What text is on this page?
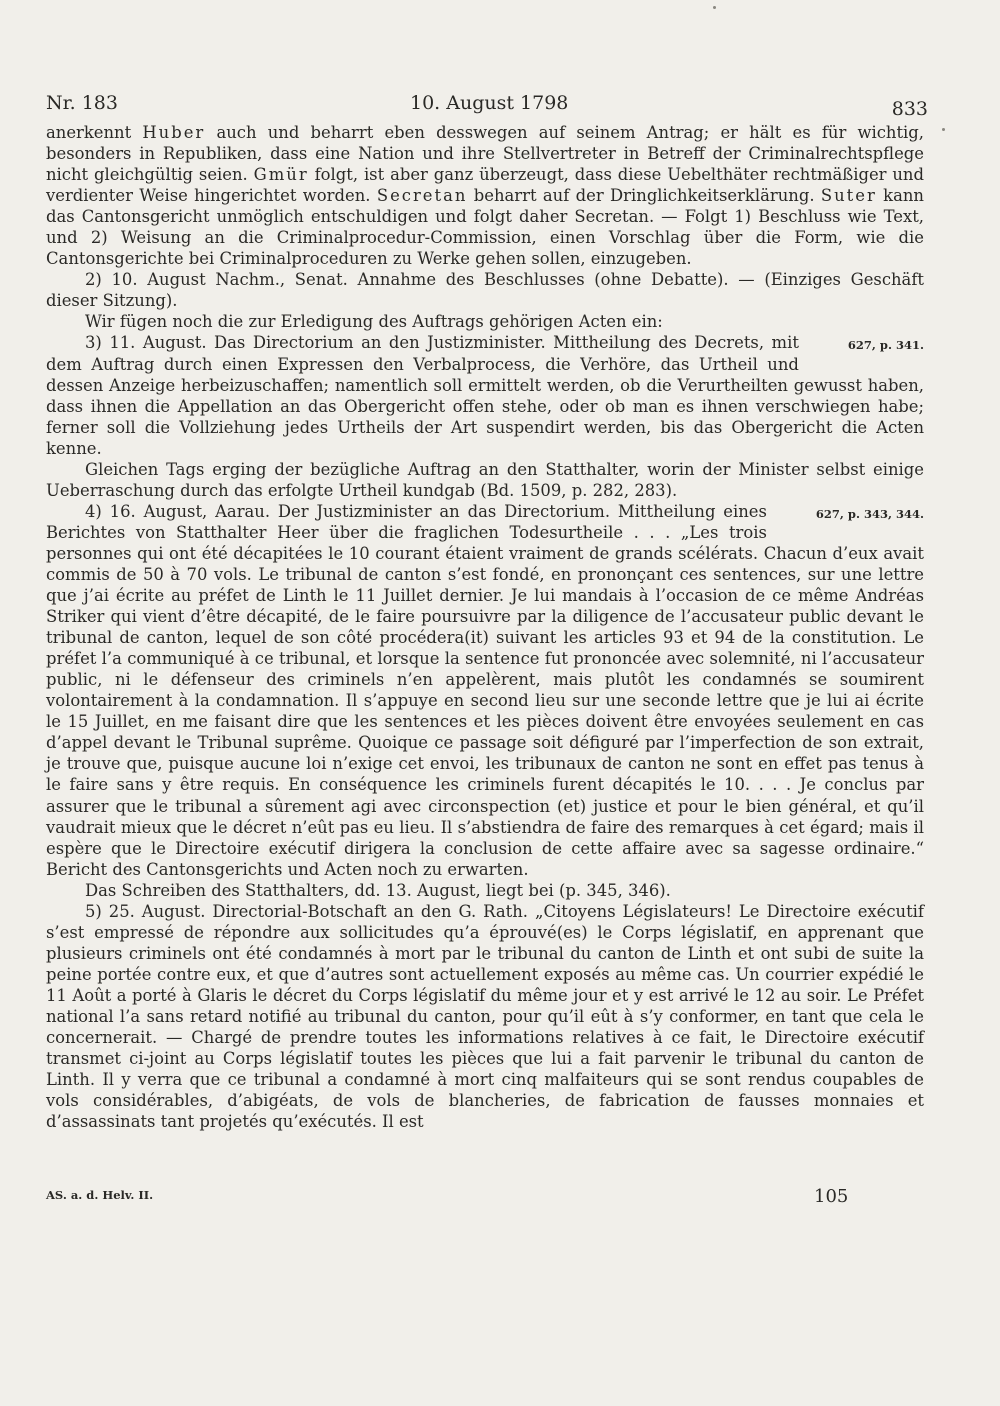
Nr. 183	10. August 1798	833

anerkennt Huber auch und beharrt eben desswegen auf seinem Antrag; er hält es für wichtig, besonders in Republiken, dass eine Nation und ihre Stellvertreter in Betreff der Criminalrechtspflege nicht gleichgültig seien. Gmür folgt, ist aber ganz überzeugt, dass diese Uebelthäter rechtmäßiger und verdienter Weise hingerichtet worden. Secretan beharrt auf der Dringlichkeitserklärung. Suter kann das Cantonsgericht unmöglich entschuldigen und folgt daher Secretan. — Folgt 1) Beschluss wie Text, und 2) Weisung an die Criminalprocedur-Commission, einen Vorschlag über die Form, wie die Cantonsgerichte bei Criminalproceduren zu Werke gehen sollen, einzugeben.

2) 10. August Nachm., Senat. Annahme des Beschlusses (ohne Debatte). — (Einziges Geschäft dieser Sitzung).

Wir fügen noch die zur Erledigung des Auftrags gehörigen Acten ein:

627, p. 341.
3) 11. August. Das Directorium an den Justizminister. Mittheilung des Decrets, mit dem Auftrag durch einen Expressen den Verbalprocess, die Verhöre, das Urtheil und dessen Anzeige herbeizuschaffen; namentlich soll ermittelt werden, ob die Verurtheilten gewusst haben, dass ihnen die Appellation an das Obergericht offen stehe, oder ob man es ihnen verschwiegen habe; ferner soll die Vollziehung jedes Urtheils der Art suspendirt werden, bis das Obergericht die Acten kenne.

Gleichen Tags erging der bezügliche Auftrag an den Statthalter, worin der Minister selbst einige Ueberraschung durch das erfolgte Urtheil kundgab (Bd. 1509, p. 282, 283).

627, p. 343, 344.
4) 16. August, Aarau. Der Justizminister an das Directorium. Mittheilung eines Berichtes von Statthalter Heer über die fraglichen Todesurtheile . . . „Les trois personnes qui ont été décapitées le 10 courant étaient vraiment de grands scélérats. Chacun d’eux avait commis de 50 à 70 vols. Le tribunal de canton s’est fondé, en prononçant ces sentences, sur une lettre que j’ai écrite au préfet de Linth le 11 Juillet dernier. Je lui mandais à l’occasion de ce même Andréas Striker qui vient d’être décapité, de le faire poursuivre par la diligence de l’accusateur public devant le tribunal de canton, lequel de son côté procédera(it) suivant les articles 93 et 94 de la constitution. Le préfet l’a communiqué à ce tribunal, et lorsque la sentence fut prononcée avec solemnité, ni l’accusateur public, ni le défenseur des criminels n’en appelèrent, mais plutôt les condamnés se soumirent volontairement à la condamnation. Il s’appuye en second lieu sur une seconde lettre que je lui ai écrite le 15 Juillet, en me faisant dire que les sentences et les pièces doivent être envoyées seulement en cas d’appel devant le Tribunal suprême. Quoique ce passage soit défiguré par l’imperfection de son extrait, je trouve que, puisque aucune loi n’exige cet envoi, les tribunaux de canton ne sont en effet pas tenus à le faire sans y être requis. En conséquence les criminels furent décapités le 10. . . . Je conclus par assurer que le tribunal a sûrement agi avec circonspection (et) justice et pour le bien général, et qu’il vaudrait mieux que le décret n’eût pas eu lieu. Il s’abstiendra de faire des remarques à cet égard; mais il espère que le Directoire exécutif dirigera la conclusion de cette affaire avec sa sagesse ordinaire.“ Bericht des Cantonsgerichts und Acten noch zu erwarten.

Das Schreiben des Statthalters, dd. 13. August, liegt bei (p. 345, 346).

5) 25. August. Directorial-Botschaft an den G. Rath. „Citoyens Législateurs! Le Directoire exécutif s’est empressé de répondre aux sollicitudes qu’a éprouvé(es) le Corps législatif, en apprenant que plusieurs criminels ont été condamnés à mort par le tribunal du canton de Linth et ont subi de suite la peine portée contre eux, et que d’autres sont actuellement exposés au même cas. Un courrier expédié le 11 Août a porté à Glaris le décret du Corps législatif du même jour et y est arrivé le 12 au soir. Le Préfet national l’a sans retard notifié au tribunal du canton, pour qu’il eût à s’y conformer, en tant que cela le concernerait. — Chargé de prendre toutes les informations relatives à ce fait, le Directoire exécutif transmet ci-joint au Corps législatif toutes les pièces que lui a fait parvenir le tribunal du canton de Linth. Il y verra que ce tribunal a condamné à mort cinq malfaiteurs qui se sont rendus coupables de vols considérables, d’abigéats, de vols de blancheries, de fabrication de fausses monnaies et d’assassinats tant projetés qu’exécutés. Il est

AS. a. d. Helv. II.	105
